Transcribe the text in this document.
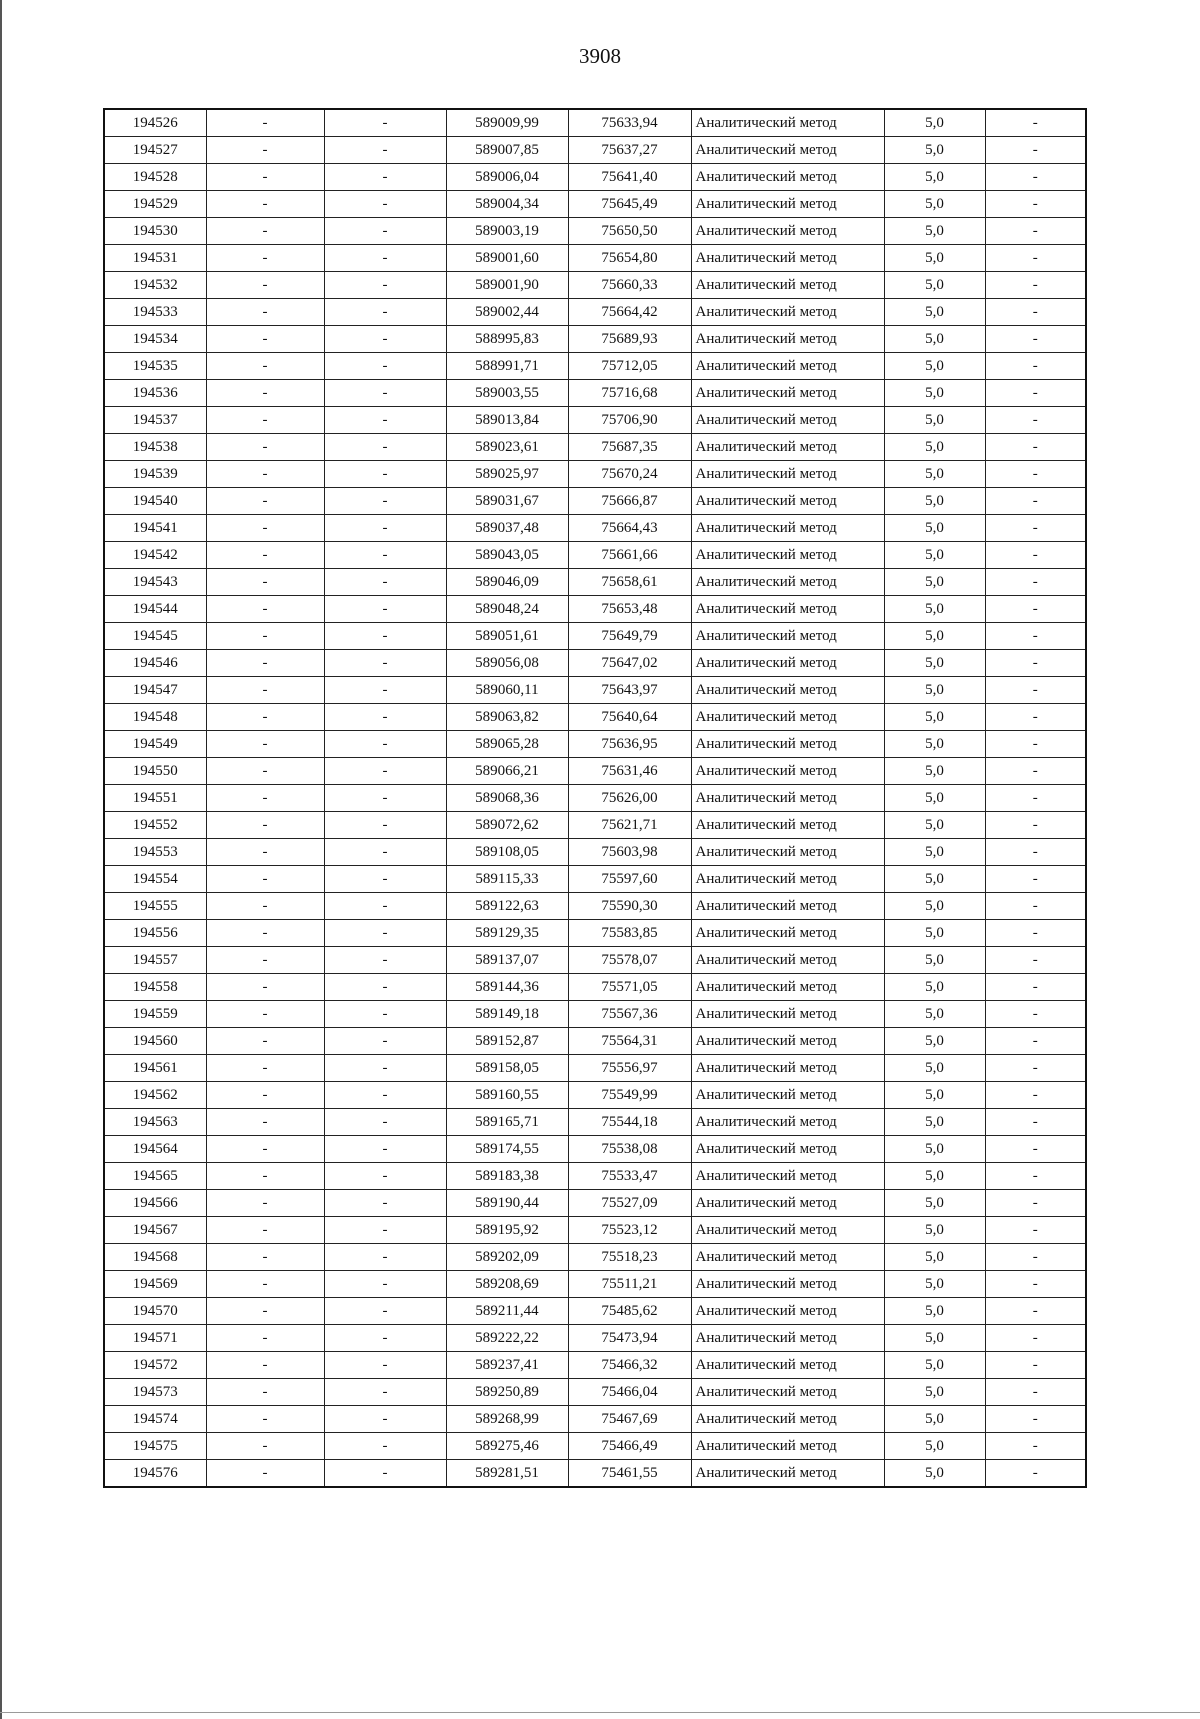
3908
194526	-	-	589009,99	75633,94	Аналитический метод	5,0	-
194527	-	-	589007,85	75637,27	Аналитический метод	5,0	-
194528	-	-	589006,04	75641,40	Аналитический метод	5,0	-
194529	-	-	589004,34	75645,49	Аналитический метод	5,0	-
194530	-	-	589003,19	75650,50	Аналитический метод	5,0	-
194531	-	-	589001,60	75654,80	Аналитический метод	5,0	-
194532	-	-	589001,90	75660,33	Аналитический метод	5,0	-
194533	-	-	589002,44	75664,42	Аналитический метод	5,0	-
194534	-	-	588995,83	75689,93	Аналитический метод	5,0	-
194535	-	-	588991,71	75712,05	Аналитический метод	5,0	-
194536	-	-	589003,55	75716,68	Аналитический метод	5,0	-
194537	-	-	589013,84	75706,90	Аналитический метод	5,0	-
194538	-	-	589023,61	75687,35	Аналитический метод	5,0	-
194539	-	-	589025,97	75670,24	Аналитический метод	5,0	-
194540	-	-	589031,67	75666,87	Аналитический метод	5,0	-
194541	-	-	589037,48	75664,43	Аналитический метод	5,0	-
194542	-	-	589043,05	75661,66	Аналитический метод	5,0	-
194543	-	-	589046,09	75658,61	Аналитический метод	5,0	-
194544	-	-	589048,24	75653,48	Аналитический метод	5,0	-
194545	-	-	589051,61	75649,79	Аналитический метод	5,0	-
194546	-	-	589056,08	75647,02	Аналитический метод	5,0	-
194547	-	-	589060,11	75643,97	Аналитический метод	5,0	-
194548	-	-	589063,82	75640,64	Аналитический метод	5,0	-
194549	-	-	589065,28	75636,95	Аналитический метод	5,0	-
194550	-	-	589066,21	75631,46	Аналитический метод	5,0	-
194551	-	-	589068,36	75626,00	Аналитический метод	5,0	-
194552	-	-	589072,62	75621,71	Аналитический метод	5,0	-
194553	-	-	589108,05	75603,98	Аналитический метод	5,0	-
194554	-	-	589115,33	75597,60	Аналитический метод	5,0	-
194555	-	-	589122,63	75590,30	Аналитический метод	5,0	-
194556	-	-	589129,35	75583,85	Аналитический метод	5,0	-
194557	-	-	589137,07	75578,07	Аналитический метод	5,0	-
194558	-	-	589144,36	75571,05	Аналитический метод	5,0	-
194559	-	-	589149,18	75567,36	Аналитический метод	5,0	-
194560	-	-	589152,87	75564,31	Аналитический метод	5,0	-
194561	-	-	589158,05	75556,97	Аналитический метод	5,0	-
194562	-	-	589160,55	75549,99	Аналитический метод	5,0	-
194563	-	-	589165,71	75544,18	Аналитический метод	5,0	-
194564	-	-	589174,55	75538,08	Аналитический метод	5,0	-
194565	-	-	589183,38	75533,47	Аналитический метод	5,0	-
194566	-	-	589190,44	75527,09	Аналитический метод	5,0	-
194567	-	-	589195,92	75523,12	Аналитический метод	5,0	-
194568	-	-	589202,09	75518,23	Аналитический метод	5,0	-
194569	-	-	589208,69	75511,21	Аналитический метод	5,0	-
194570	-	-	589211,44	75485,62	Аналитический метод	5,0	-
194571	-	-	589222,22	75473,94	Аналитический метод	5,0	-
194572	-	-	589237,41	75466,32	Аналитический метод	5,0	-
194573	-	-	589250,89	75466,04	Аналитический метод	5,0	-
194574	-	-	589268,99	75467,69	Аналитический метод	5,0	-
194575	-	-	589275,46	75466,49	Аналитический метод	5,0	-
194576	-	-	589281,51	75461,55	Аналитический метод	5,0	-
